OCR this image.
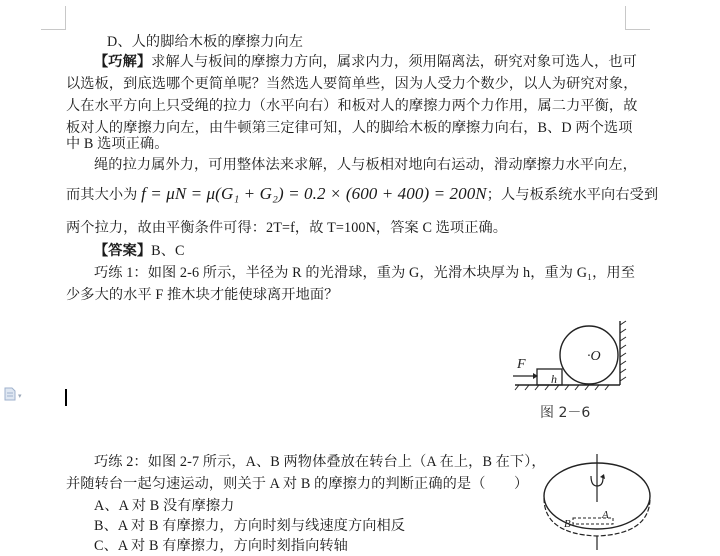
D、人的脚给木板的摩擦力向左
【巧解】求解人与板间的摩擦力方向，属求内力，须用隔离法，研究对象可选人，也可
以选板，到底选哪个更简单呢？当然选人要简单些，因为人受力个数少，以人为研究对象，
人在水平方向上只受绳的拉力（水平向右）和板对人的摩擦力两个力作用，属二力平衡，故
板对人的摩擦力向左，由牛顿第三定律可知，人的脚给木板的摩擦力向右，B、D 两个选项
中 B 选项正确。
绳的拉力属外力，可用整体法来求解，人与板相对地向右运动，滑动摩擦力水平向左，
而其大小为 f = μN = μ(G₁ + G₂) = 0.2 × (600 + 400) = 200N；人与板系统水平向右受到
两个拉力，故由平衡条件可得：2T=f，故 T=100N，答案 C 选项正确。
【答案】B、C
巧练 1：如图 2-6 所示，半径为 R 的光滑球，重为 G，光滑木块厚为 h，重为 G₁，用至
少多大的水平 F 推木块才能使球离开地面？
F
h
·O
图 2－6
▾
巧练 2：如图 2-7 所示，A、B 两物体叠放在转台上（A 在上，B 在下），
并随转台一起匀速运动，则关于 A 对 B 的摩擦力的判断正确的是（　　）
A、A 对 B 没有摩擦力
B、A 对 B 有摩擦力，方向时刻与线速度方向相反
C、A 对 B 有摩擦力，方向时刻指向转轴
A
B
